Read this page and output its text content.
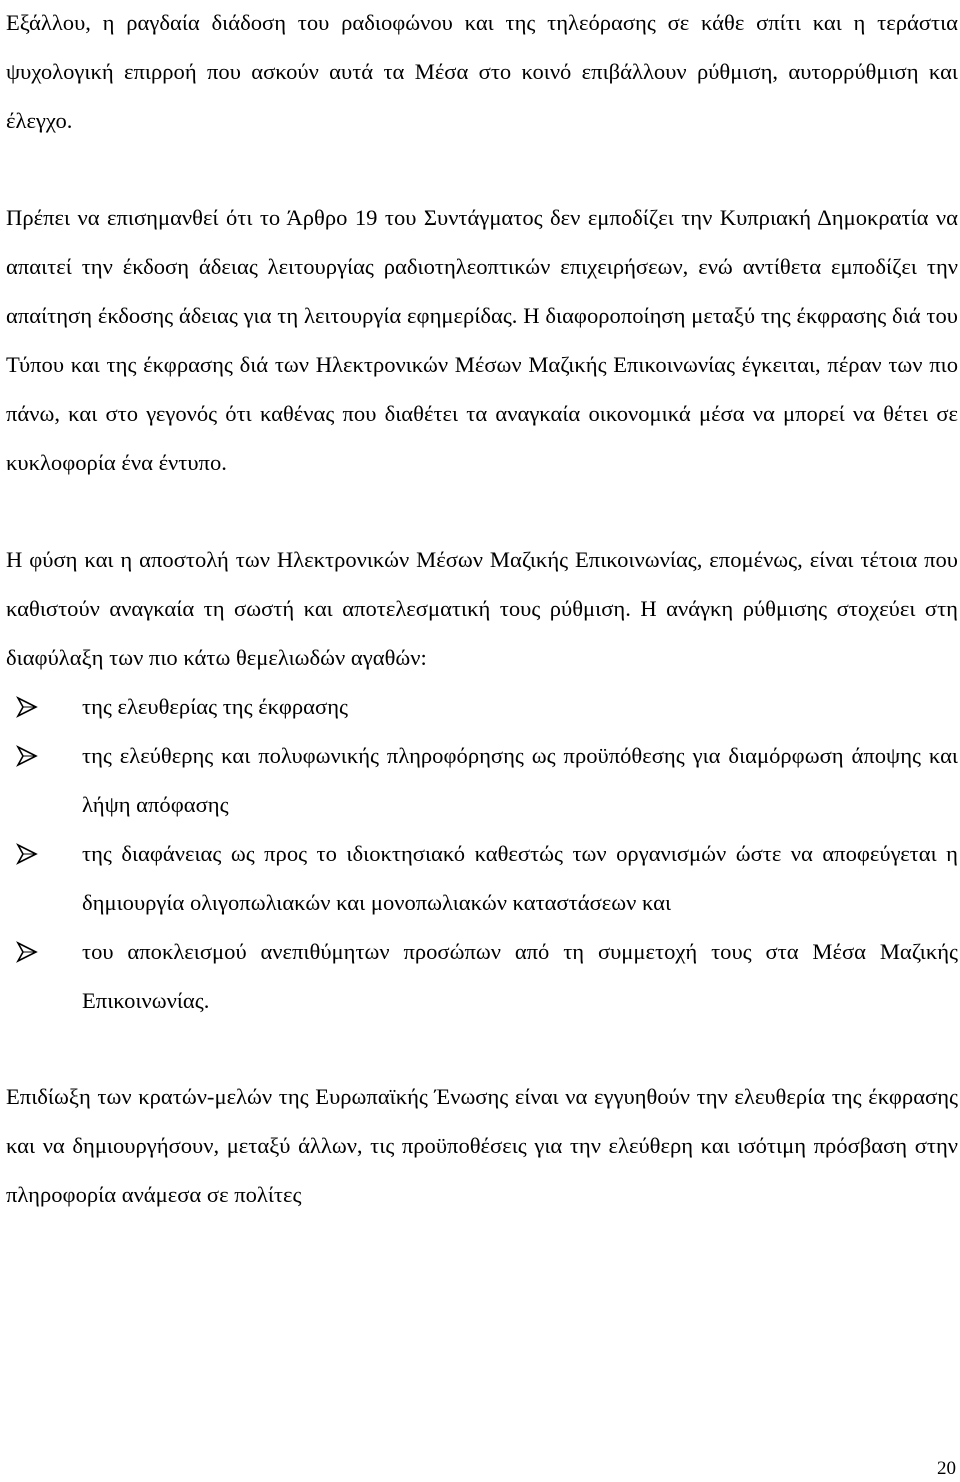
Εξάλλου, η ραγδαία διάδοση του ραδιοφώνου και της τηλεόρασης σε κάθε σπίτι και η τεράστια ψυχολογική επιρροή που ασκούν αυτά τα Μέσα στο κοινό επιβάλλουν ρύθμιση, αυτορρύθμιση και έλεγχο.

Πρέπει να επισημανθεί ότι το Άρθρο 19 του Συντάγματος δεν εμποδίζει την Κυπριακή Δημοκρατία να απαιτεί την έκδοση άδειας λειτουργίας ραδιοτηλεοπτικών επιχειρήσεων, ενώ αντίθετα εμποδίζει την απαίτηση έκδοσης άδειας για τη λειτουργία εφημερίδας. Η διαφοροποίηση μεταξύ της έκφρασης διά του Τύπου και της έκφρασης διά των Ηλεκτρονικών Μέσων Μαζικής Επικοινωνίας έγκειται, πέραν των πιο πάνω, και στο γεγονός ότι καθένας που διαθέτει τα αναγκαία οικονομικά μέσα να μπορεί να θέτει σε κυκλοφορία ένα έντυπο.

Η φύση και η αποστολή των Ηλεκτρονικών Μέσων Μαζικής Επικοινωνίας, επομένως, είναι τέτοια που καθιστούν αναγκαία τη σωστή και αποτελεσματική τους ρύθμιση. Η ανάγκη ρύθμισης στοχεύει στη διαφύλαξη των πιο κάτω θεμελιωδών αγαθών:

της ελευθερίας της έκφρασης
της ελεύθερης και πολυφωνικής πληροφόρησης ως προϋπόθεσης για διαμόρφωση άποψης και λήψη απόφασης
της διαφάνειας ως προς το ιδιοκτησιακό καθεστώς των οργανισμών ώστε να αποφεύγεται η δημιουργία ολιγοπωλιακών και μονοπωλιακών καταστάσεων και
του αποκλεισμού ανεπιθύμητων προσώπων από τη συμμετοχή τους στα Μέσα Μαζικής Επικοινωνίας.

Επιδίωξη των κρατών-μελών της Ευρωπαϊκής Ένωσης είναι να εγγυηθούν την ελευθερία της έκφρασης και να δημιουργήσουν, μεταξύ άλλων, τις προϋποθέσεις για την ελεύθερη και ισότιμη πρόσβαση στην πληροφορία ανάμεσα σε πολίτες

20
